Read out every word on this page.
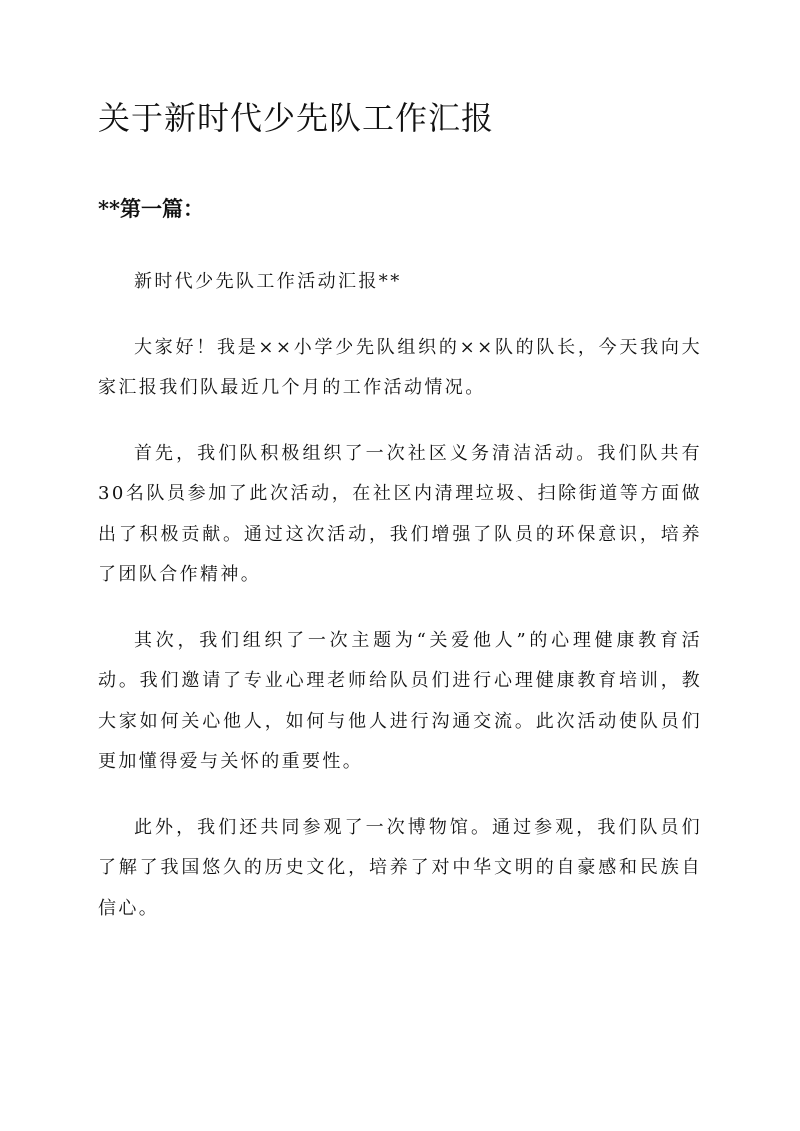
关于新时代少先队工作汇报
**第一篇：

新时代少先队工作活动汇报**

大家好！我是××小学少先队组织的××队的队长，今天我向大家汇报我们队最近几个月的工作活动情况。

首先，我们队积极组织了一次社区义务清洁活动。我们队共有30名队员参加了此次活动，在社区内清理垃圾、扫除街道等方面做出了积极贡献。通过这次活动，我们增强了队员的环保意识，培养了团队合作精神。

其次，我们组织了一次主题为“关爱他人”的心理健康教育活动。我们邀请了专业心理老师给队员们进行心理健康教育培训，教大家如何关心他人，如何与他人进行沟通交流。此次活动使队员们更加懂得爱与关怀的重要性。

此外，我们还共同参观了一次博物馆。通过参观，我们队员们了解了我国悠久的历史文化，培养了对中华文明的自豪感和民族自信心。
